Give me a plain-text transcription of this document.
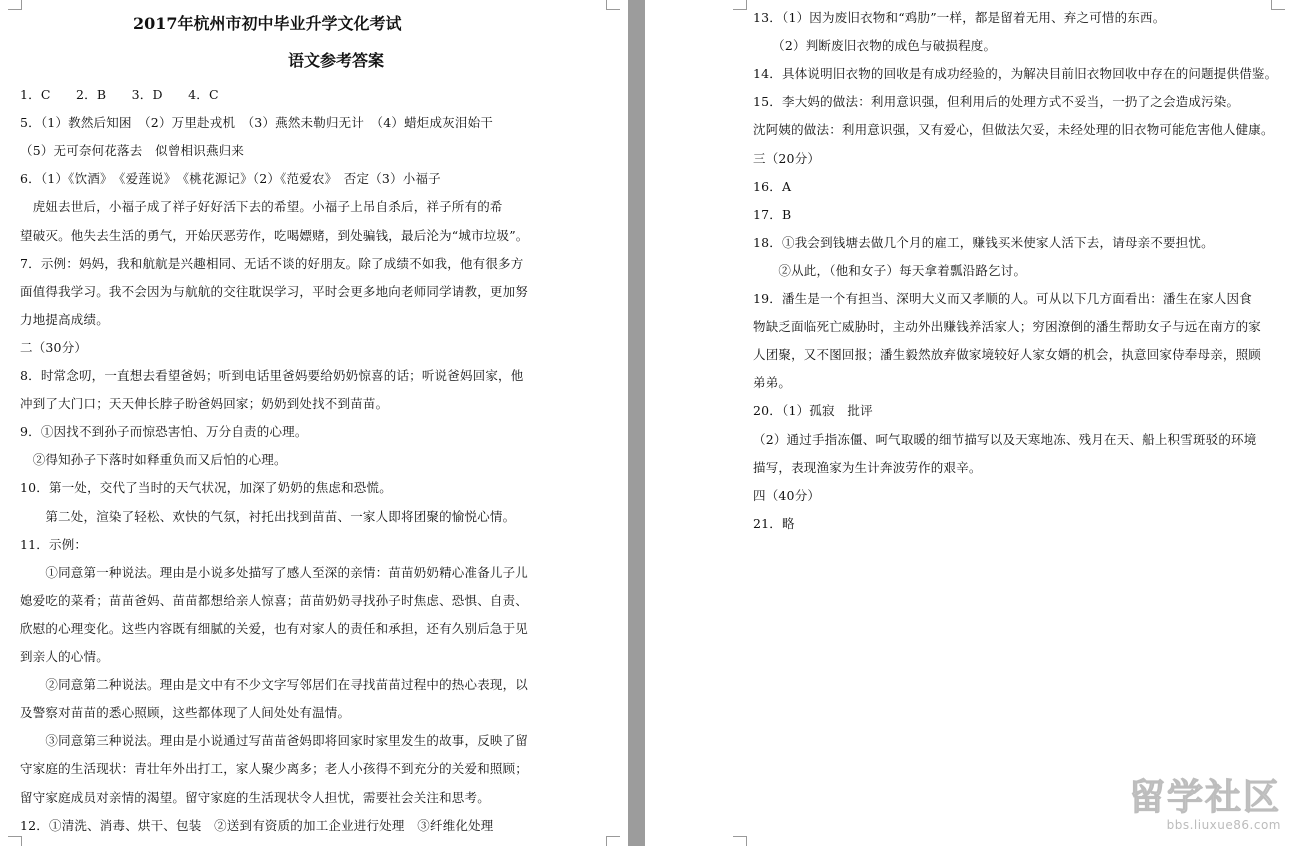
2017年杭州市初中毕业升学文化考试
语文参考答案
1．C　　2．B　　3．D　　4．C
5．（1）教然后知困　（2）万里赴戎机　（3）燕然未勒归无计　（4）蜡炬成灰泪始干
（5）无可奈何花落去　似曾相识燕归来
6．（1）《饮酒》　《爱莲说》　《桃花源记》（2）《范爱农》　否定（3）小福子
　虎妞去世后，小福子成了祥子好好活下去的希望。小福子上吊自杀后，祥子所有的希
望破灭。他失去生活的勇气，开始厌恶劳作，吃喝嫖赌，到处骗钱，最后沦为“城市垃圾”。
7．示例：妈妈，我和航航是兴趣相同、无话不谈的好朋友。除了成绩不如我，他有很多方
面值得我学习。我不会因为与航航的交往耽误学习，平时会更多地向老师同学请教，更加努
力地提高成绩。
二（30分）
8．时常念叨，一直想去看望爸妈；听到电话里爸妈要给奶奶惊喜的话；听说爸妈回家，他
冲到了大门口；天天伸长脖子盼爸妈回家；奶奶到处找不到苗苗。
9．①因找不到孙子而惊恐害怕、万分自责的心理。
　②得知孙子下落时如释重负而又后怕的心理。
10．第一处，交代了当时的天气状况，加深了奶奶的焦虑和恐慌。
　　第二处，渲染了轻松、欢快的气氛，衬托出找到苗苗、一家人即将团聚的愉悦心情。
11．示例：
　　①同意第一种说法。理由是小说多处描写了感人至深的亲情：苗苗奶奶精心准备儿子儿
媳爱吃的菜肴；苗苗爸妈、苗苗都想给亲人惊喜；苗苗奶奶寻找孙子时焦虑、恐惧、自责、
欣慰的心理变化。这些内容既有细腻的关爱，也有对家人的责任和承担，还有久别后急于见
到亲人的心情。
　　②同意第二种说法。理由是文中有不少文字写邻居们在寻找苗苗过程中的热心表现，以
及警察对苗苗的悉心照顾，这些都体现了人间处处有温情。
　　③同意第三种说法。理由是小说通过写苗苗爸妈即将回家时家里发生的故事，反映了留
守家庭的生活现状：青壮年外出打工，家人聚少离多；老人小孩得不到充分的关爱和照顾；
留守家庭成员对亲情的渴望。留守家庭的生活现状令人担忧，需要社会关注和思考。
12．①清洗、消毒、烘干、包装　②送到有资质的加工企业进行处理　③纤维化处理
13．（1）因为废旧衣物和“鸡肋”一样，都是留着无用、弃之可惜的东西。
　　（2）判断废旧衣物的成色与破损程度。
14．具体说明旧衣物的回收是有成功经验的，为解决目前旧衣物回收中存在的问题提供借鉴。
15．李大妈的做法：利用意识强，但利用后的处理方式不妥当，一扔了之会造成污染。
沈阿姨的做法：利用意识强，又有爱心，但做法欠妥，未经处理的旧衣物可能危害他人健康。
三（20分）
16．A
17．B
18．①我会到钱塘去做几个月的雇工，赚钱买米使家人活下去，请母亲不要担忧。
　　②从此，（他和女子）每天拿着瓢沿路乞讨。
19．潘生是一个有担当、深明大义而又孝顺的人。可从以下几方面看出：潘生在家人因食
物缺乏面临死亡威胁时，主动外出赚钱养活家人；穷困潦倒的潘生帮助女子与远在南方的家
人团聚，又不图回报；潘生毅然放弃做家境较好人家女婿的机会，执意回家侍奉母亲，照顾
弟弟。
20．（1）孤寂　批评
（2）通过手指冻僵、呵气取暖的细节描写以及天寒地冻、残月在天、船上积雪斑驳的环境
描写，表现渔家为生计奔波劳作的艰辛。
四（40分）
21．略
留学社区
bbs.liuxue86.com
